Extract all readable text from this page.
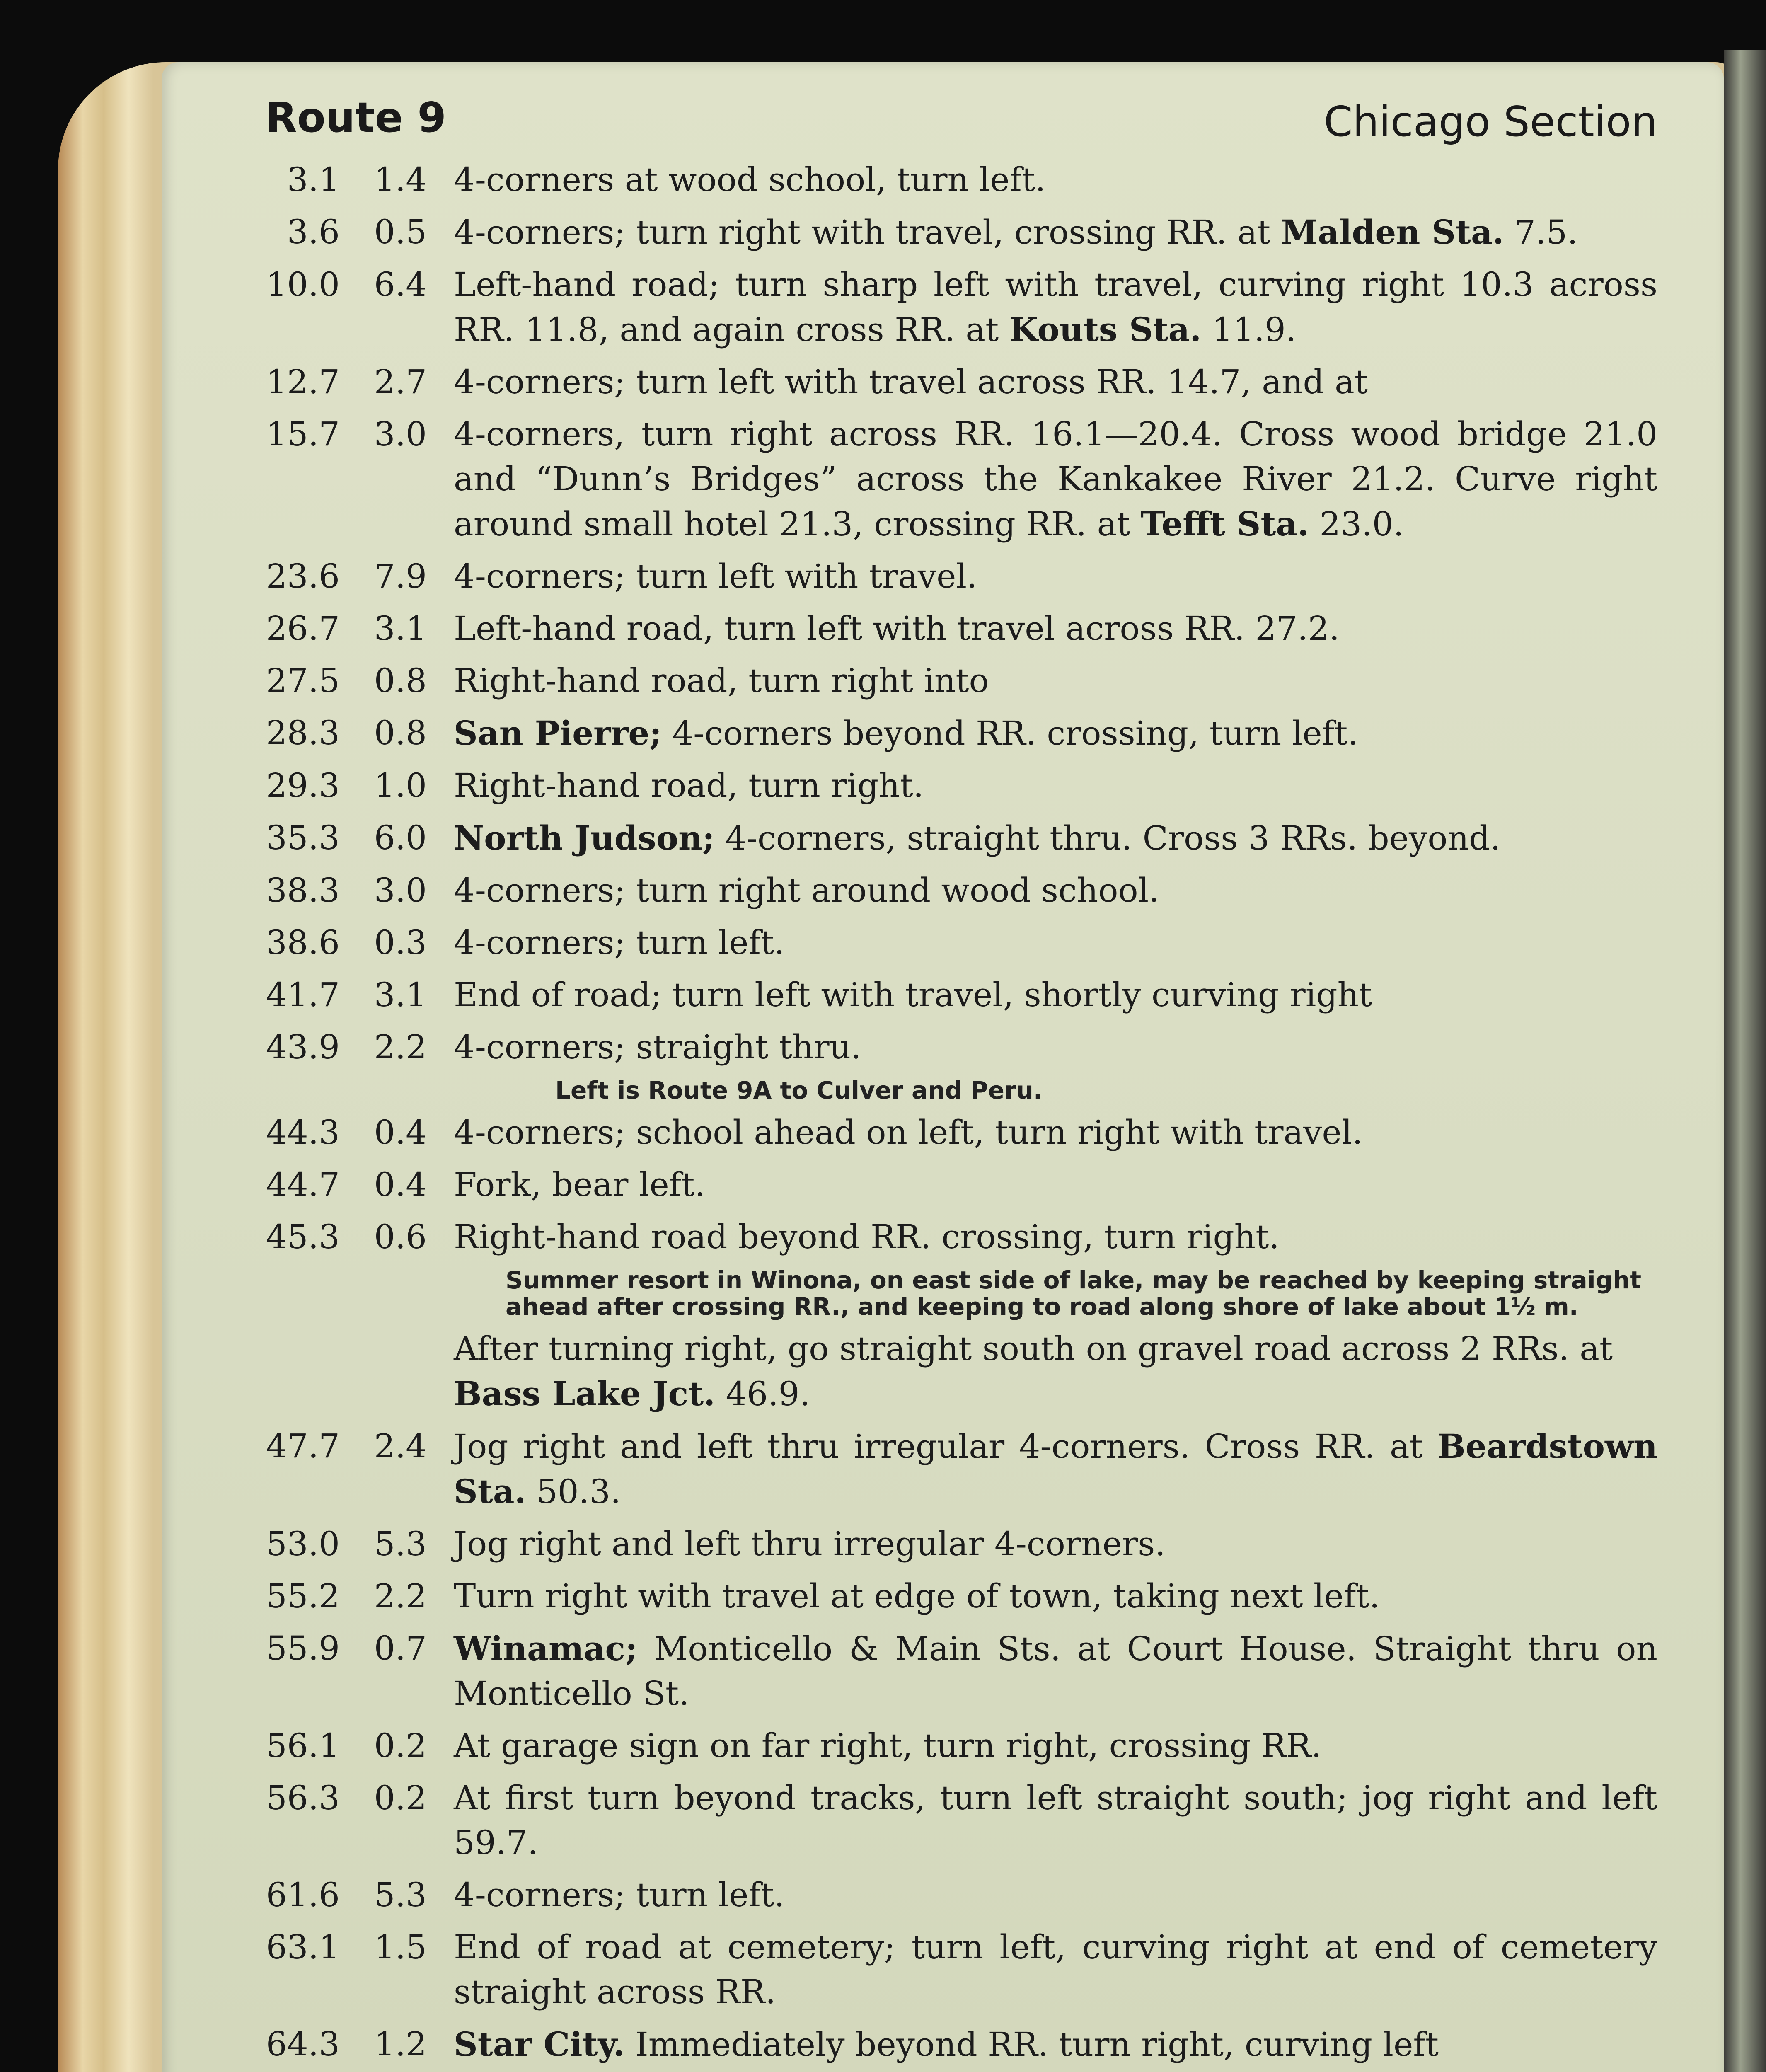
Route 9	Chicago Section
3.1	1.4 4-corners at wood school, turn left.
3.6	0.5 4-corners; turn right with travel, crossing RR. at Malden Sta. 7.5.
10.0	6.4 Left-hand road; turn sharp left with travel, curving right 10.3 across RR. 11.8, and again cross RR. at Kouts Sta. 11.9.
12.7	2.7 4-corners; turn left with travel across RR. 14.7, and at
15.7	3.0 4-corners, turn right across RR. 16.1—20.4. Cross wood bridge 21.0 and “Dunn’s Bridges” across the Kankakee River 21.2. Curve right around small hotel 21.3, crossing RR. at Tefft Sta. 23.0.
23.6	7.9 4-corners; turn left with travel.
26.7	3.1 Left-hand road, turn left with travel across RR. 27.2.
27.5	0.8 Right-hand road, turn right into
28.3	0.8 San Pierre; 4-corners beyond RR. crossing, turn left.
29.3	1.0 Right-hand road, turn right.
35.3	6.0 North Judson; 4-corners, straight thru. Cross 3 RRs. beyond.
38.3	3.0 4-corners; turn right around wood school.
38.6	0.3 4-corners; turn left.
41.7	3.1 End of road; turn left with travel, shortly curving right
43.9	2.2 4-corners; straight thru.
Left is Route 9A to Culver and Peru.
44.3	0.4 4-corners; school ahead on left, turn right with travel.
44.7	0.4 Fork, bear left.
45.3	0.6 Right-hand road beyond RR. crossing, turn right.
Summer resort in Winona, on east side of lake, may be reached by keeping straight ahead after crossing RR., and keeping to road along shore of lake about 1½ m.
After turning right, go straight south on gravel road across 2 RRs. at Bass Lake Jct. 46.9.
47.7	2.4 Jog right and left thru irregular 4-corners. Cross RR. at Beardstown Sta. 50.3.
53.0	5.3 Jog right and left thru irregular 4-corners.
55.2	2.2 Turn right with travel at edge of town, taking next left.
55.9	0.7 Winamac; Monticello & Main Sts. at Court House. Straight thru on Monticello St.
56.1	0.2 At garage sign on far right, turn right, crossing RR.
56.3	0.2 At first turn beyond tracks, turn left straight south; jog right and left 59.7.
61.6	5.3 4-corners; turn left.
63.1	1.5 End of road at cemetery; turn left, curving right at end of cemetery straight across RR.
64.3	1.2 Star City. Immediately beyond RR. turn right, curving left
